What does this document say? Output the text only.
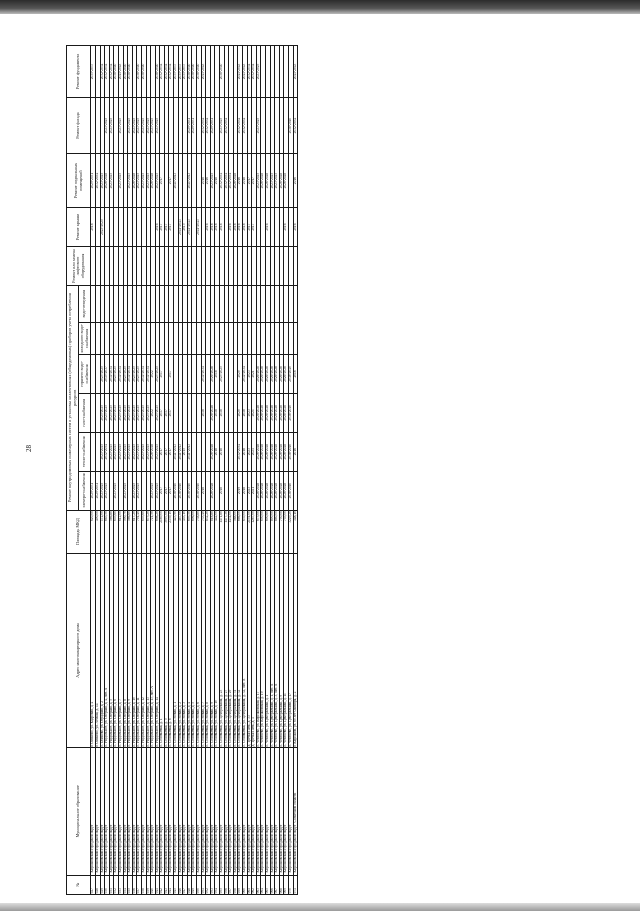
28
№	Муниципальное образование	Адрес многоквартирного дома	Площадь МКД	Ремонт внутридомовых инженерных систем и установка коллективных (общедомовых) приборов учета потребления ресурсов						Ремонт или замена лифтового оборудования	Ремонт крыши	Ремонт подвальных помещений	Ремонт фасада	Ремонт фундамента
				электро-снабжения	тепло-снабжения	газо-снабжения	горячего водо-снабжения	холодного водо-снабжения	водо-отведения					
927	"Кирсановский городской округ"	г. Осиново, ул. Кадровая, д. 4	620,00	2029-2031							2018	2029-2031		2035-2037
928	"Кирсановский городской округ"	г. Осиново, ул. Лесная, д. 14	490,00	2029-2031								2032-2034		
929	"Кирсановский городской округ"	с. Осиново, ул. Отрадная, д. 2	172,00	2023-2025	2023-2025	2023-2025	2023-2025				2023-2025	2023-2025		2032-2034
930	"Кирсановский городской округ"	с. Раздольное, ул. Озерная, д. 4, лит. А	665,50	2023-2025	2032-2034	2023-2025	2035-2037					2026-2028	2023-2025	2032-2034
931	"Кирсановский городской округ"	с. Раздольное, ул. Озерная, д. 5	586,80		2023-2025	2023-2025	2032-2034					2023-2025	2023-2025	2032-2034
932	"Кирсановский городской округ"	с. Раздольное, ул. Озерная, д. 6	655,60	2023-2025	2023-2025	2023-2025	2023-2025							2038-2040
933	"Кирсановский городской округ"	с. Раздольное, ул. Озерная, д. 7	612,00		2023-2025	2023-2025	2032-2034					2023-2025	2023-2025	2041-2043
934	"Кирсановский городской округ"	с. Раздольное, ул. Озерная, д. 8	590,70	2023-2025	2023-2025	2023-2025	2023-2025							2038-2040
935	"Кирсановский городской округ"	с. Раздольное, ул. Озерная, д. 9	586,60		2023-2025	2023-2025	2032-2034					2023-2025	2023-2025	2038-2040
936	"Кирсановский городской округ"	с. Раздольное, ул. Озерная, д. 10	617,20	2023-2025	2023-2025	2023-2025	2023-2025					2026-2028	2023-2025	
937	"Кирсановский городской округ"	с. Раздольное, ул. Озерная, д. 11	701,40	2023-2025	2023-2025	2023-2025	2023-2025					2023-2025	2023-2025	2038-2040
938	"Кирсановский городской округ"	с. Раздольное, ул. Озерная, д. 12	655,60		2023-2025	2023-2025	2032-2034					2023-2025	2023-2025	2038-2040
939	"Кирсановский городской округ"	с. Раздольное, ул. Озерная, д. 13	675,20		2023-2025	2023-2025	2032-2034					2023-2025	2023-2025	
940	"Кирсановский городской округ"	с. Раздольное, ул. Озерная, д. 13, лит. А	721,50	2023-2025	2026-2028	2022	2022					2026-2028	2023-2025	
941	"Кирсановский городской округ"	с. Раздольное, ул. Озерная, д. 14	698,20	2023-2025	2023-2025	2023-2025	2023-2025				2016	2023-2025	2023-2025	2038-2040
942	"Кирсановский городской округ"	с. Соловьевка, д. 1	2189,00	2017	2017	2017	2017				2017	2017		2032-2034
943	"Кирсановский городской округ"	с. Соловьевка, д. 5	3097,00	2017	2017	2017					2017			2032-2034
944	"Кирсановский городской округ"	с. Соловьевка, д. 6	2339,10	2017	2017	2017	2017				2017	2017		2032-2034
945	"Кирсановский городской округ"	с. Соловьевка, ул. Новая, д. 1	423,90	2038-2040	2041-2043							2041-2043		2035-2037
946	"Кирсановский городской округ"	с. Соловьевка, ул. Новая, д. 2	467,00	2038-2040	2041-2043						2041-2043			2035-2037
947	"Кирсановский городской округ"	с. Соловьевка, ул. Новая, д. 3	453,10		2015						2015			2035-2037
948	"Кирсановский городской округ"	с. Соловьевка, ул. Новая, д. 4	695,50	2038-2040	2041-2043						2041-2043	2041-2043	2029-2031	2038-2040
949	"Кирсановский городской округ"	с. Соловьевка, ул. Новая, д. 5	696,00										2029-2031	2038-2040
950	"Кирсановский городской округ"	с. Соловьевка, ул. Новая, д. 6	738,80	2038-2040							2041-2043			2038-2040
951	"Кирсановский городской округ"	с. Соловьевка, ул. Новая, д. 7	733,40	2018		2018	2032-2034					2018	2032-2034	2041-2043
952	"Кирсановский городской округ"	с. Соловьевка, ул. Новая, д. 8	832,20								2016	2016	2032-2034	
953	"Кирсановский городской округ"	с. Соловьевка, ул. Новая, д. 9	818,80	2026-2028	2026-2028	2026-2028	2026-2028				2018	2023-2025	2029-2031	
954	"Кирсановский городской округ"	с. Соловьевка, ул. Новая, д. 10	442,00		2018	2018	2018				2018	2018		
955	"Кирсановский городской округ"	с. Соловьевка, ул. Центральная, д. 23	1471,80	2018	2018	2018	2023-2025				2018	2032-2034	2023-2025	2038-2040
956	"Кирсановский городской округ"	с. Соловьевка, ул. Центральная, д. 27	1477,30									2032-2034	2032-2034	
957	"Кирсановский городской округ"	с. Соловьевка, ул. Центральная, д. 29	1434,00								2016	2032-2034		
958	"Кирсановский городской округ"	с. Соловьевка, ул. Центральная, д. 31	588,00								2018	2026-2028		
959	"Кирсановский городской округ"	с. Соловьевка, ул. Центральная, д. 32	666,00	2019	2032-2034	2020	2020				2016	2016	2032-2034	2041-2043
960	"Кирсановский городской округ"	с. Соловьевка, ул. Центральная, д. 32, лит. А	639,00	2018	2018	2018	2032-2034				2018	2018	2032-2034	2041-2043
961	"Кирсановский городской округ"	д. Третья Пять, д. 33	2151,00	2023	2023	2023	2023				2017	2017		2032-2034
962	"Кирсановский городской округ"	д. Третья Пять, д. 1	1287,00	2021	2021	2021	2021				2017	2017		2032-2034
963	"Кирсановский городской округ"	с. Чепелево, ул. Кирсановская, д. 17	675,00	2026-2028	2026-2028	2026-2028	2026-2028					2023-2025	2023-2025	2023-2025
964	"Кирсановский городской округ"	с. Чепелево, ул. Кирсановская, д. 19	650,00	2026-2028	2026-2028	2026-2028	2026-2028					2026-2028		
965	"Кирсановский городской округ"	с. Чепелево, ул. Центральная, д. 1	690,60	2026-2028	2026-2028	2026-2028	2026-2028				2016	2026-2028		
966	"Кирсановский городской округ"	с. Чепелево, ул. Центральная, д. 1, лит. А	800,00	2026-2028	2026-2028	2026-2028	2026-2028					2023-2025		
967	"Кирсановский городской округ"	с. Чепелево, ул. Центральная, д. 3, лит. А	880,00	2026-2028	2026-2028	2026-2028	2026-2028					2023-2025		
968	"Кирсановский городской округ"	с. Чепелево, ул. Центральная, д. 9	750,00	2026-2028	2026-2028	2026-2028	2026-2028					2026-2028		
969	"Кирсановский городской округ"	с. Чепелево, ул. Центральная, д. 11	755,00	2026-2028	2026-2028	2026-2028	2026-2028				2016	2026-2028		
970	"Кирсановский городской округ"	с. Чепелево, ул. Центральная, д. 17	3229,20	2038-2040	2038-2040	2038-2040	2038-2040						2038-2040	
971	"Кирсановский городской округ" Солнечной области	г. Кирсанов, ул. 60 лет Октября, д. 2	348,10		2016		2016				2016	2016	2032-2034	2041-2043
